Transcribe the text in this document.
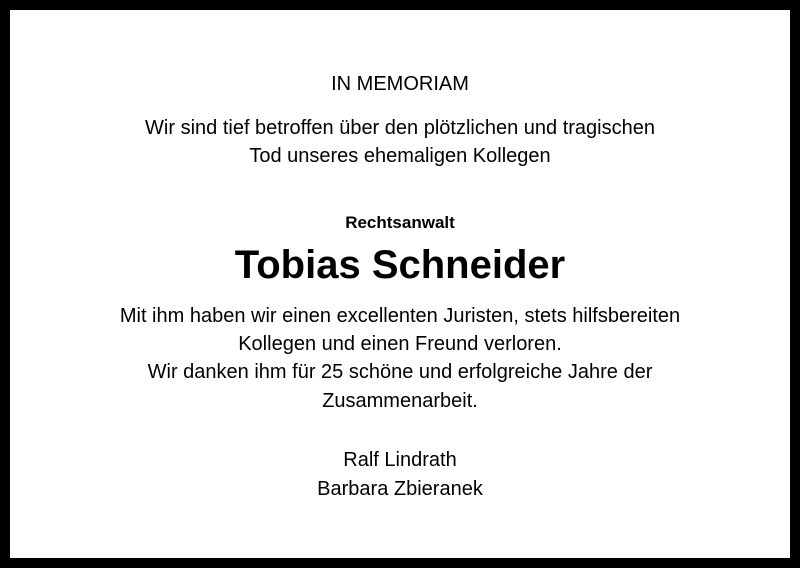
IN MEMORIAM
Wir sind tief betroffen über den plötzlichen und tragischen
Tod unseres ehemaligen Kollegen
Rechtsanwalt
Tobias Schneider
Mit ihm haben wir einen excellenten Juristen, stets hilfsbereiten
Kollegen und einen Freund verloren.
Wir danken ihm für 25 schöne und erfolgreiche Jahre der
Zusammenarbeit.
Ralf Lindrath
Barbara Zbieranek
